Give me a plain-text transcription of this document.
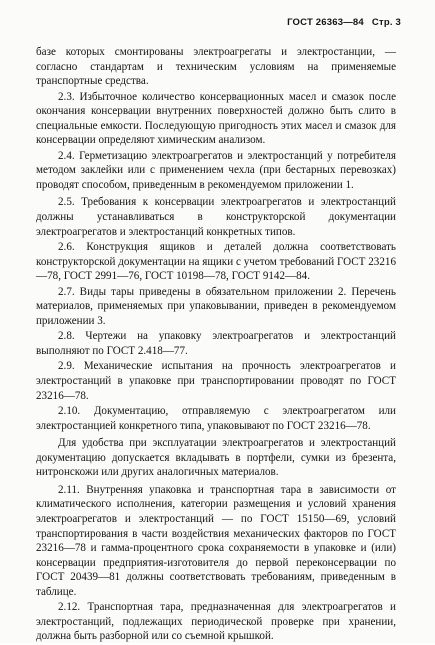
ГОСТ 26363—84 Стр. 3

базе которых смонтированы электроагрегаты и электростанции, — согласно стандартам и техническим условиям на применяемые транспортные средства.

2.3. Избыточное количество консервационных масел и смазок после окончания консервации внутренних поверхностей должно быть слито в специальные емкости. Последующую пригодность этих масел и смазок для консервации определяют химическим анализом.

2.4. Герметизацию электроагрегатов и электростанций у потребителя методом заклейки или с применением чехла (при бестарных перевозках) проводят способом, приведенным в рекомендуемом приложении 1.

2.5. Требования к консервации электроагрегатов и электростанций должны устанавливаться в конструкторской документации электроагрегатов и электростанций конкретных типов.

2.6. Конструкция ящиков и деталей должна соответствовать конструкторской документации на ящики с учетом требований ГОСТ 23216—78, ГОСТ 2991—76, ГОСТ 10198—78, ГОСТ 9142—84.

2.7. Виды тары приведены в обязательном приложении 2. Перечень материалов, применяемых при упаковывании, приведен в рекомендуемом приложении 3.

2.8. Чертежи на упаковку электроагрегатов и электростанций выполняют по ГОСТ 2.418—77.

2.9. Механические испытания на прочность электроагрегатов и электростанций в упаковке при транспортировании проводят по ГОСТ 23216—78.

2.10. Документацию, отправляемую с электроагрегатом или электростанцией конкретного типа, упаковывают по ГОСТ 23216—78.

Для удобства при эксплуатации электроагрегатов и электростанций документацию допускается вкладывать в портфели, сумки из брезента, нитронскожи или других аналогичных материалов.

2.11. Внутренняя упаковка и транспортная тара в зависимости от климатического исполнения, категории размещения и условий хранения электроагрегатов и электростанций — по ГОСТ 15150—69, условий транспортирования в части воздействия механических факторов по ГОСТ 23216—78 и гамма-процентного срока сохраняемости в упаковке и (или) консервации предприятия-изготовителя до первой переконсервации по ГОСТ 20439—81 должны соответствовать требованиям, приведенным в таблице.

2.12. Транспортная тара, предназначенная для электроагрегатов и электростанций, подлежащих периодической проверке при хранении, должна быть разборной или со съемной крышкой.
